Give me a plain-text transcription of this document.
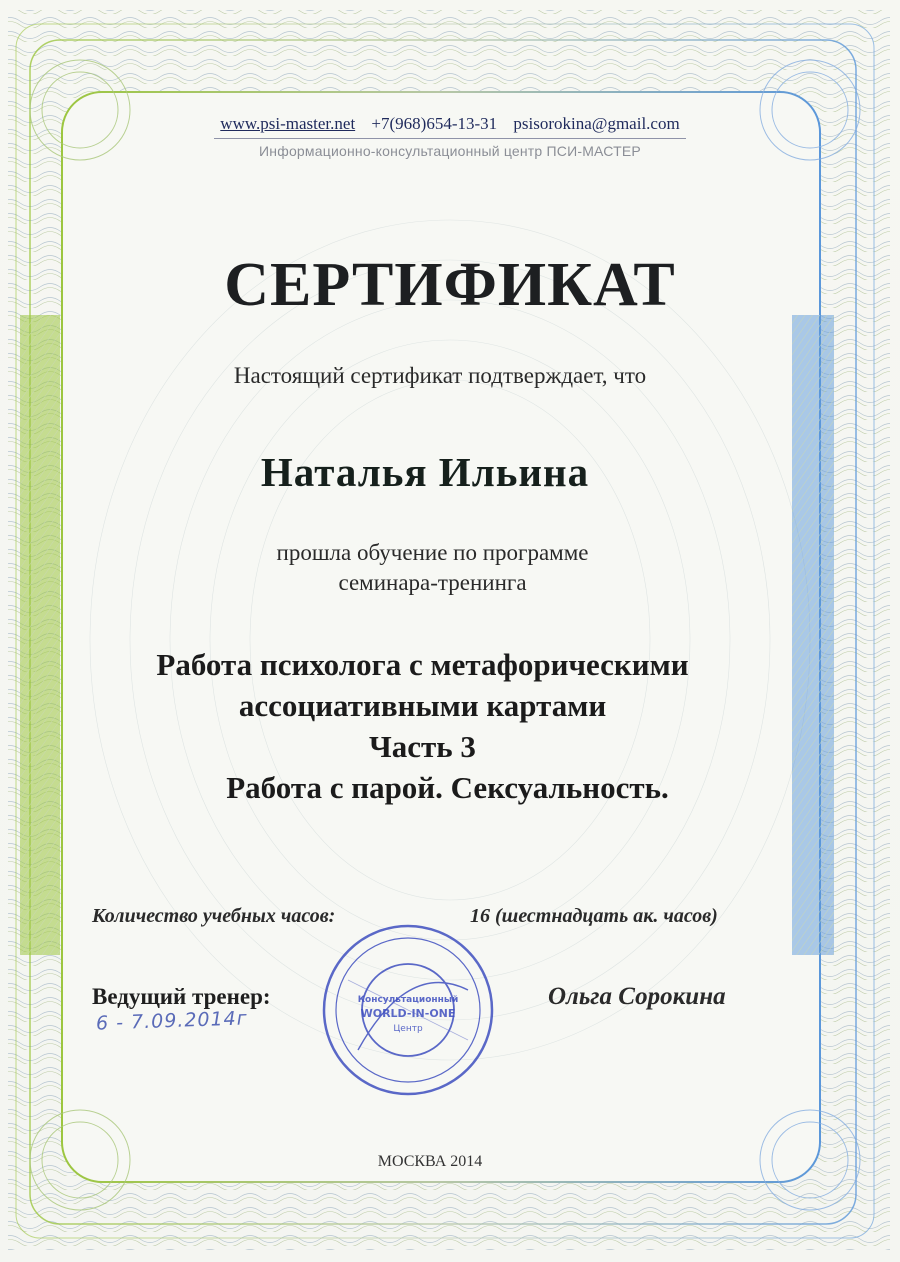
www.psi-master.net +7(968)654-13-31 psisorokina@gmail.com
Информационно-консультационный центр ПСИ-МАСТЕР
СЕРТИФИКАТ
Настоящий сертификат подтверждает, что
Наталья Ильина
прошла обучение по программе
семинара-тренинга
Работа психолога с метафорическими
ассоциативными картами
Часть 3
Работа с парой. Сексуальность.
Количество учебных часов:	16 (шестнадцать ак. часов)
Ведущий тренер:	Ольга Сорокина
6 - 7.09.2014г
Консультационный
WORLD-IN-ONE
Центр
МОСКВА 2014
